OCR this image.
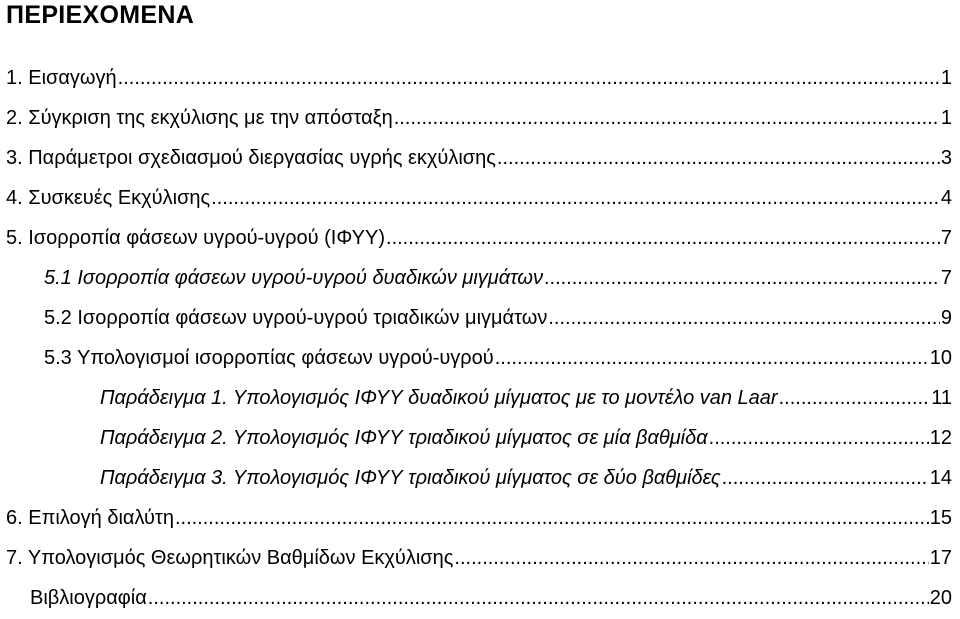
ΠΕΡΙΕΧΟΜΕΝΑ
1. Εισαγωγή .....	1
2. Σύγκριση της εκχύλισης με την απόσταξη .....	1
3. Παράμετροι σχεδιασμού διεργασίας υγρής εκχύλισης .....	3
4. Συσκευές Εκχύλισης .....	4
5. Ισορροπία φάσεων υγρού-υγρού (ΙΦΥΥ) .....	7
5.1 Ισορροπία φάσεων υγρού-υγρού δυαδικών μιγμάτων .....	7
5.2 Ισορροπία φάσεων υγρού-υγρού τριαδικών μιγμάτων .....	9
5.3 Υπολογισμοί ισορροπίας φάσεων υγρού-υγρού .....	10
Παράδειγμα 1. Υπολογισμός ΙΦΥΥ δυαδικού μίγματος με το μοντέλο van Laar .....	11
Παράδειγμα 2. Υπολογισμός ΙΦΥΥ τριαδικού μίγματος σε μία βαθμίδα .....	12
Παράδειγμα 3. Υπολογισμός ΙΦΥΥ τριαδικού μίγματος σε δύο βαθμίδες .....	14
6. Επιλογή διαλύτη .....	15
7. Υπολογισμός Θεωρητικών Βαθμίδων Εκχύλισης .....	17
Βιβλιογραφία .....	20
